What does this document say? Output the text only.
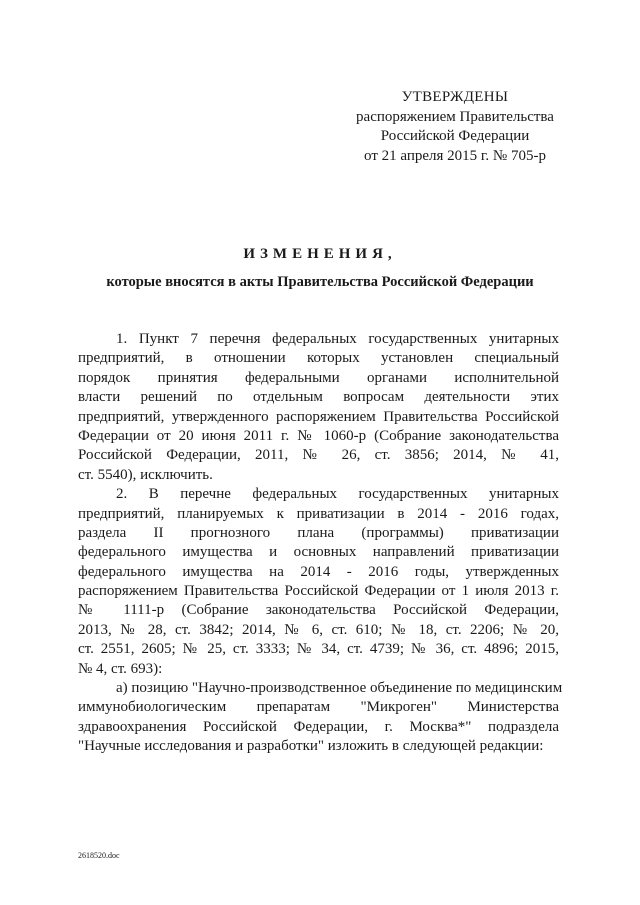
УТВЕРЖДЕНЫ
распоряжением Правительства
Российской Федерации
от 21 апреля 2015 г. № 705-р
ИЗМЕНЕНИЯ,
которые вносятся в акты Правительства Российской Федерации
1. Пункт 7 перечня федеральных государственных унитарных
предприятий, в отношении которых установлен специальный
порядок принятия федеральными органами исполнительной
власти решений по отдельным вопросам деятельности этих
предприятий, утвержденного распоряжением Правительства Российской
Федерации от 20 июня 2011 г. № 1060-р (Собрание законодательства
Российской Федерации, 2011, № 26, ст. 3856; 2014, № 41,
ст. 5540), исключить.
2. В перечне федеральных государственных унитарных
предприятий, планируемых к приватизации в 2014 - 2016 годах,
раздела II прогнозного плана (программы) приватизации
федерального имущества и основных направлений приватизации
федерального имущества на 2014 - 2016 годы, утвержденных
распоряжением Правительства Российской Федерации от 1 июля 2013 г.
№ 1111-р (Собрание законодательства Российской Федерации,
2013, № 28, ст. 3842; 2014, № 6, ст. 610; № 18, ст. 2206; № 20,
ст. 2551, 2605; № 25, ст. 3333; № 34, ст. 4739; № 36, ст. 4896; 2015,
№ 4, ст. 693):
а) позицию "Научно-производственное объединение по медицинским
иммунобиологическим препаратам "Микроген" Министерства
здравоохранения Российской Федерации, г. Москва*" подраздела
"Научные исследования и разработки" изложить в следующей редакции:
2618520.doc
